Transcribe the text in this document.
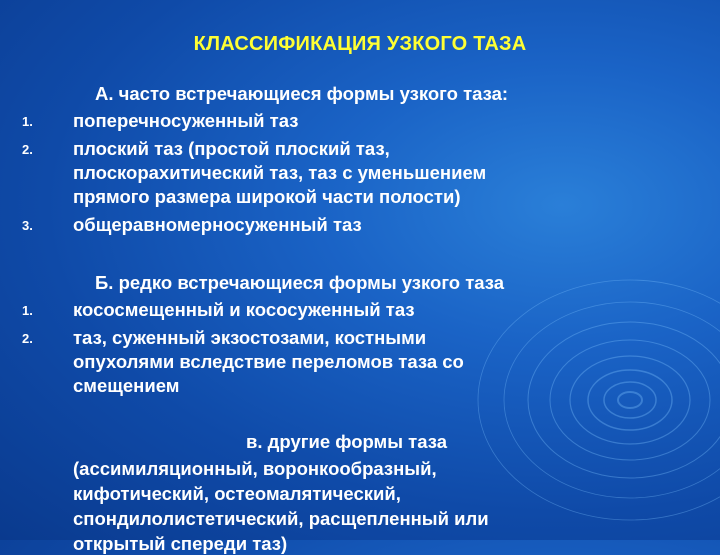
КЛАССИФИКАЦИЯ УЗКОГО ТАЗА
А. часто встречающиеся формы узкого таза:
1. поперечносуженный таз
2. плоский таз (простой плоский таз,
плоскорахитический таз, таз с уменьшением
прямого размера широкой части полости)
3. общеравномерносуженный таз
Б. редко встречающиеся формы узкого таза
1. кососмещенный и кососуженный таз
2. таз, суженный экзостозами, костными
опухолями вследствие переломов таза со
смещением
в. другие формы таза
(ассимиляционный, воронкообразный,
кифотический, остеомалятический,
спондилолистетический, расщепленный или
открытый спереди таз)
